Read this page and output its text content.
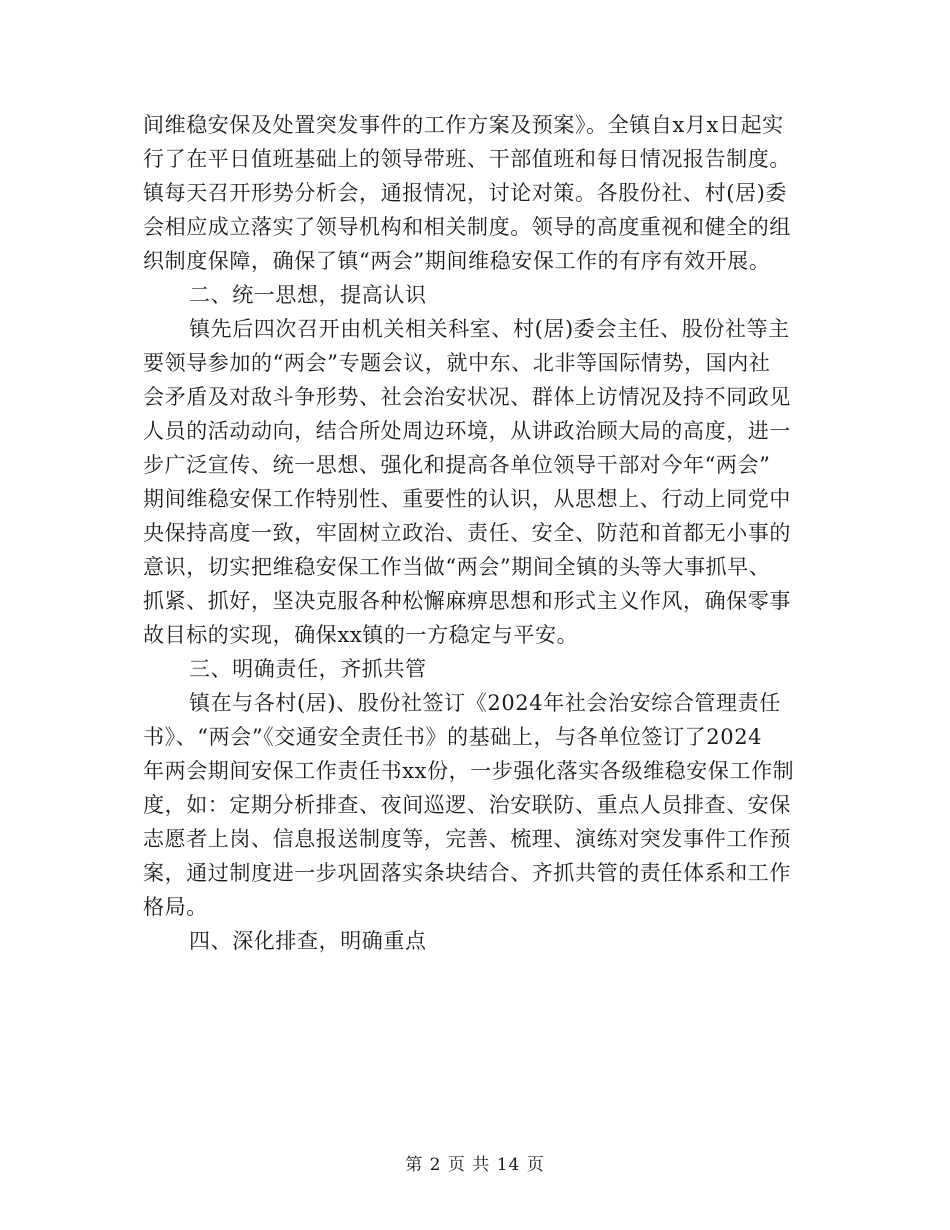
间维稳安保及处置突发事件的工作方案及预案》。全镇自x月x日起实
行了在平日值班基础上的领导带班、干部值班和每日情况报告制度。
镇每天召开形势分析会，通报情况，讨论对策。各股份社、村(居)委
会相应成立落实了领导机构和相关制度。领导的高度重视和健全的组
织制度保障，确保了镇“两会”期间维稳安保工作的有序有效开展。
二、统一思想，提高认识
镇先后四次召开由机关相关科室、村(居)委会主任、股份社等主
要领导参加的“两会”专题会议，就中东、北非等国际情势，国内社
会矛盾及对敌斗争形势、社会治安状况、群体上访情况及持不同政见
人员的活动动向，结合所处周边环境，从讲政治顾大局的高度，进一
步广泛宣传、统一思想、强化和提高各单位领导干部对今年“两会”
期间维稳安保工作特别性、重要性的认识，从思想上、行动上同党中
央保持高度一致，牢固树立政治、责任、安全、防范和首都无小事的
意识，切实把维稳安保工作当做“两会”期间全镇的头等大事抓早、
抓紧、抓好，坚决克服各种松懈麻痹思想和形式主义作风，确保零事
故目标的实现，确保xx镇的一方稳定与平安。
三、明确责任，齐抓共管
镇在与各村(居)、股份社签订《2024年社会治安综合管理责任
书》、“两会”《交通安全责任书》的基础上，与各单位签订了2024
年两会期间安保工作责任书xx份，一步强化落实各级维稳安保工作制
度，如：定期分析排查、夜间巡逻、治安联防、重点人员排查、安保
志愿者上岗、信息报送制度等，完善、梳理、演练对突发事件工作预
案，通过制度进一步巩固落实条块结合、齐抓共管的责任体系和工作
格局。
四、深化排查，明确重点
第 2 页 共 14 页
